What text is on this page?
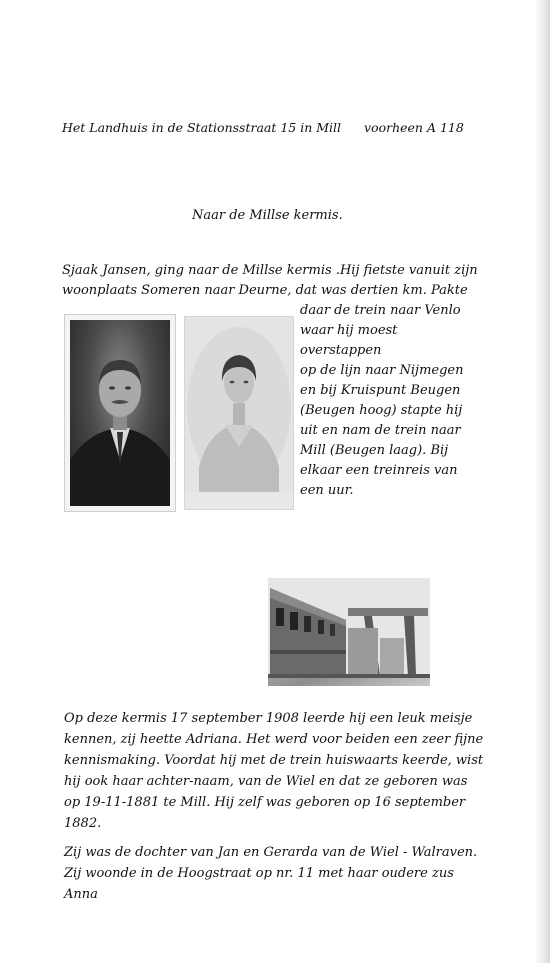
Het Landhuis in de Stationsstraat 15 in Mill voorheen A 118
Naar de Millse kermis.
Sjaak Jansen, ging naar de Millse kermis .Hij fietste vanuit zijn
woonplaats Someren naar Deurne, dat was dertien km. Pakte
daar de trein naar Venlo
waar hij moest overstappen
op de lijn naar Nijmegen
en bij Kruispunt Beugen
(Beugen hoog) stapte hij
uit en nam de trein naar
Mill (Beugen laag). Bij
elkaar een treinreis van
een uur.

Op deze kermis 17 september 1908 leerde hij een leuk meisje kennen, zij heette Adriana. Het werd voor beiden een zeer fijne kennismaking. Voordat hij met de trein huiswaarts keerde, wist hij ook haar achter-naam, van de Wiel en dat ze geboren was op 19-11-1881 te Mill. Hij zelf was geboren op 16 september 1882.

Zij was de dochter van Jan en Gerarda van de Wiel - Walraven. Zij woonde in de Hoogstraat op nr. 11 met haar oudere zus Anna
